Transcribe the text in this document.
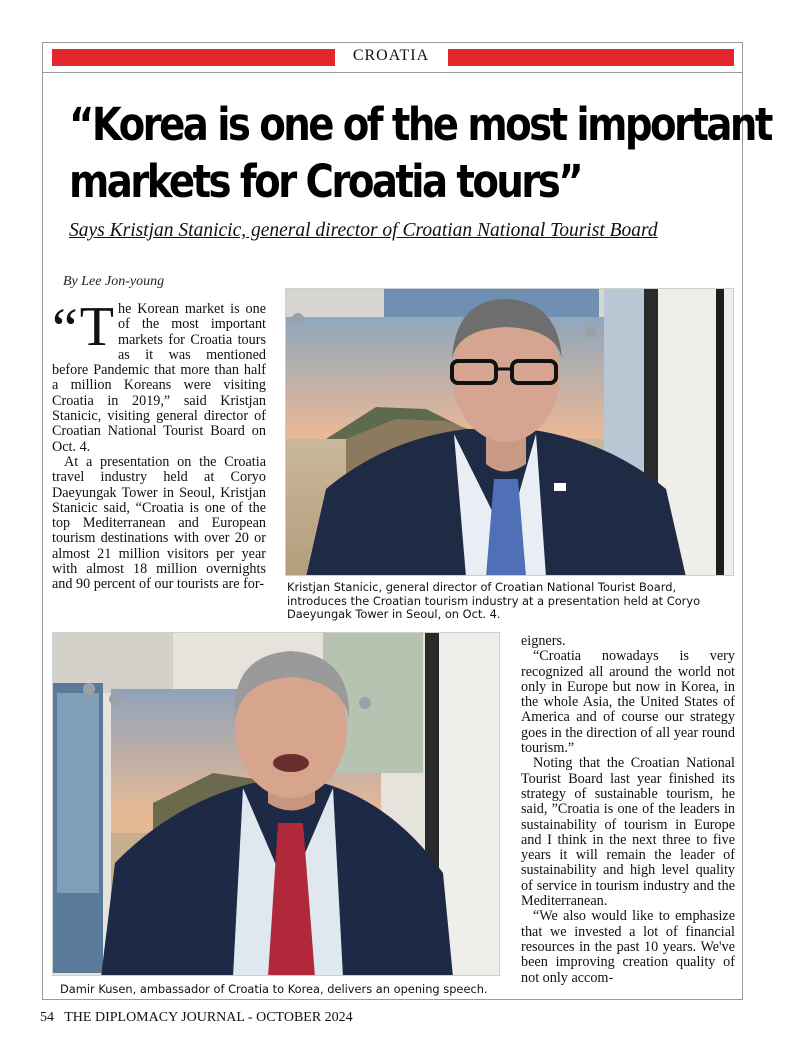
CROATIA
“Korea is one of the most important
markets for Croatia tours”
Says Kristjan Stanicic, general director of Croatian National Tourist Board
By Lee Jon-young

“ T he Korean market is one of the most important markets for Croatia tours as it was mentioned before Pandemic that more than half a million Koreans were visiting Croatia in 2019,” said Kristjan Stanicic, visiting general director of Croatian National Tourist Board on Oct. 4.

At a presentation on the Croatia travel industry held at Coryo Daeyungak Tower in Seoul, Kristjan Stanicic said, “Croatia is one of the top Mediterranean and European tourism destinations with over 20 or almost 21 million visitors per year with almost 18 million overnights and 90 percent of our tourists are for- Kristjan Stanicic, general director of Croatian National Tourist Board, introduces the Croatian tourism industry at a presentation held at Coryo Daeyungak Tower in Seoul, on Oct. 4.
Damir Kusen, ambassador of Croatia to Korea, delivers an opening speech.

eigners.

“Croatia nowadays is very recognized all around the world not only in Europe but now in Korea, in the whole Asia, the United States of America and of course our strategy goes in the direction of all year round tourism.”

Noting that the Croatian National Tourist Board last year finished its strategy of sustainable tourism, he said, ”Croatia is one of the leaders in sustainability of tourism in Europe and I think in the next three to five years it will remain the leader of sustainability and high level quality of service in tourism industry and the Mediterranean.

“We also would like to emphasize that we invested a lot of financial resources in the past 10 years. We've been improving creation quality of not only accom-

54 THE DIPLOMACY JOURNAL - OCTOBER 2024
